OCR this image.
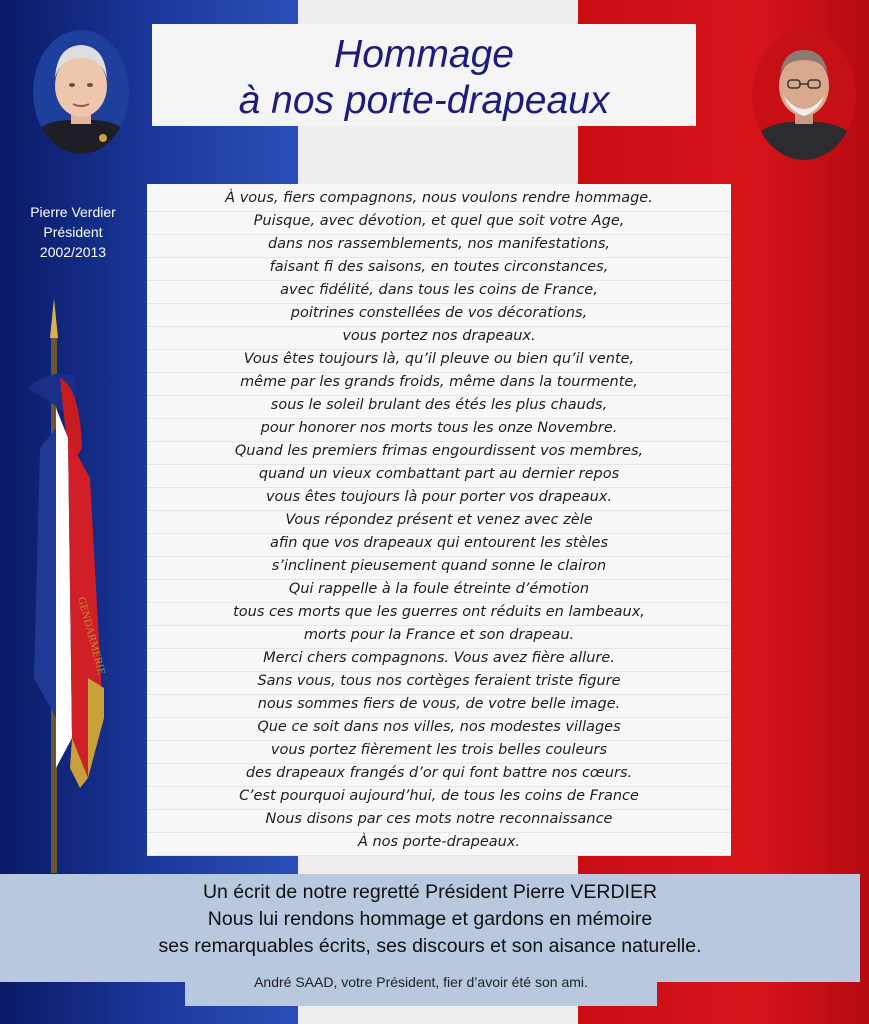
Hommage
à nos porte-drapeaux
Pierre Verdier
Président
2002/2013
GENDARMERIE
À vous, fiers compagnons, nous voulons rendre hommage.
Puisque, avec dévotion, et quel que soit votre Age,
dans nos rassemblements, nos manifestations,
faisant fi des saisons, en toutes circonstances,
avec fidélité, dans tous les coins de France,
poitrines constellées de vos décorations,
vous portez nos drapeaux.
Vous êtes toujours là, qu’il pleuve ou bien qu’il vente,
même par les grands froids, même dans la tourmente,
sous le soleil brulant des étés les plus chauds,
pour honorer nos morts tous les onze Novembre.
Quand les premiers frimas engourdissent vos membres,
quand un vieux combattant part au dernier repos
vous êtes toujours là pour porter vos drapeaux.
Vous répondez présent et venez avec zèle
afin que vos drapeaux qui entourent les stèles
s’inclinent pieusement quand sonne le clairon
Qui rappelle à la foule étreinte d’émotion
tous ces morts que les guerres ont réduits en lambeaux,
morts pour la France et son drapeau.
Merci chers compagnons. Vous avez fière allure.
Sans vous, tous nos cortèges feraient triste figure
nous sommes fiers de vous, de votre belle image.
Que ce soit dans nos villes, nos modestes villages
vous portez fièrement les trois belles couleurs
des drapeaux frangés d’or qui font battre nos cœurs.
C’est pourquoi aujourd’hui, de tous les coins de France
Nous disons par ces mots notre reconnaissance
À nos porte-drapeaux.
Un écrit de notre regretté Président Pierre VERDIER
Nous lui rendons hommage et gardons en mémoire
ses remarquables écrits, ses discours et son aisance naturelle.
André SAAD, votre Président, fier d’avoir été son ami.
